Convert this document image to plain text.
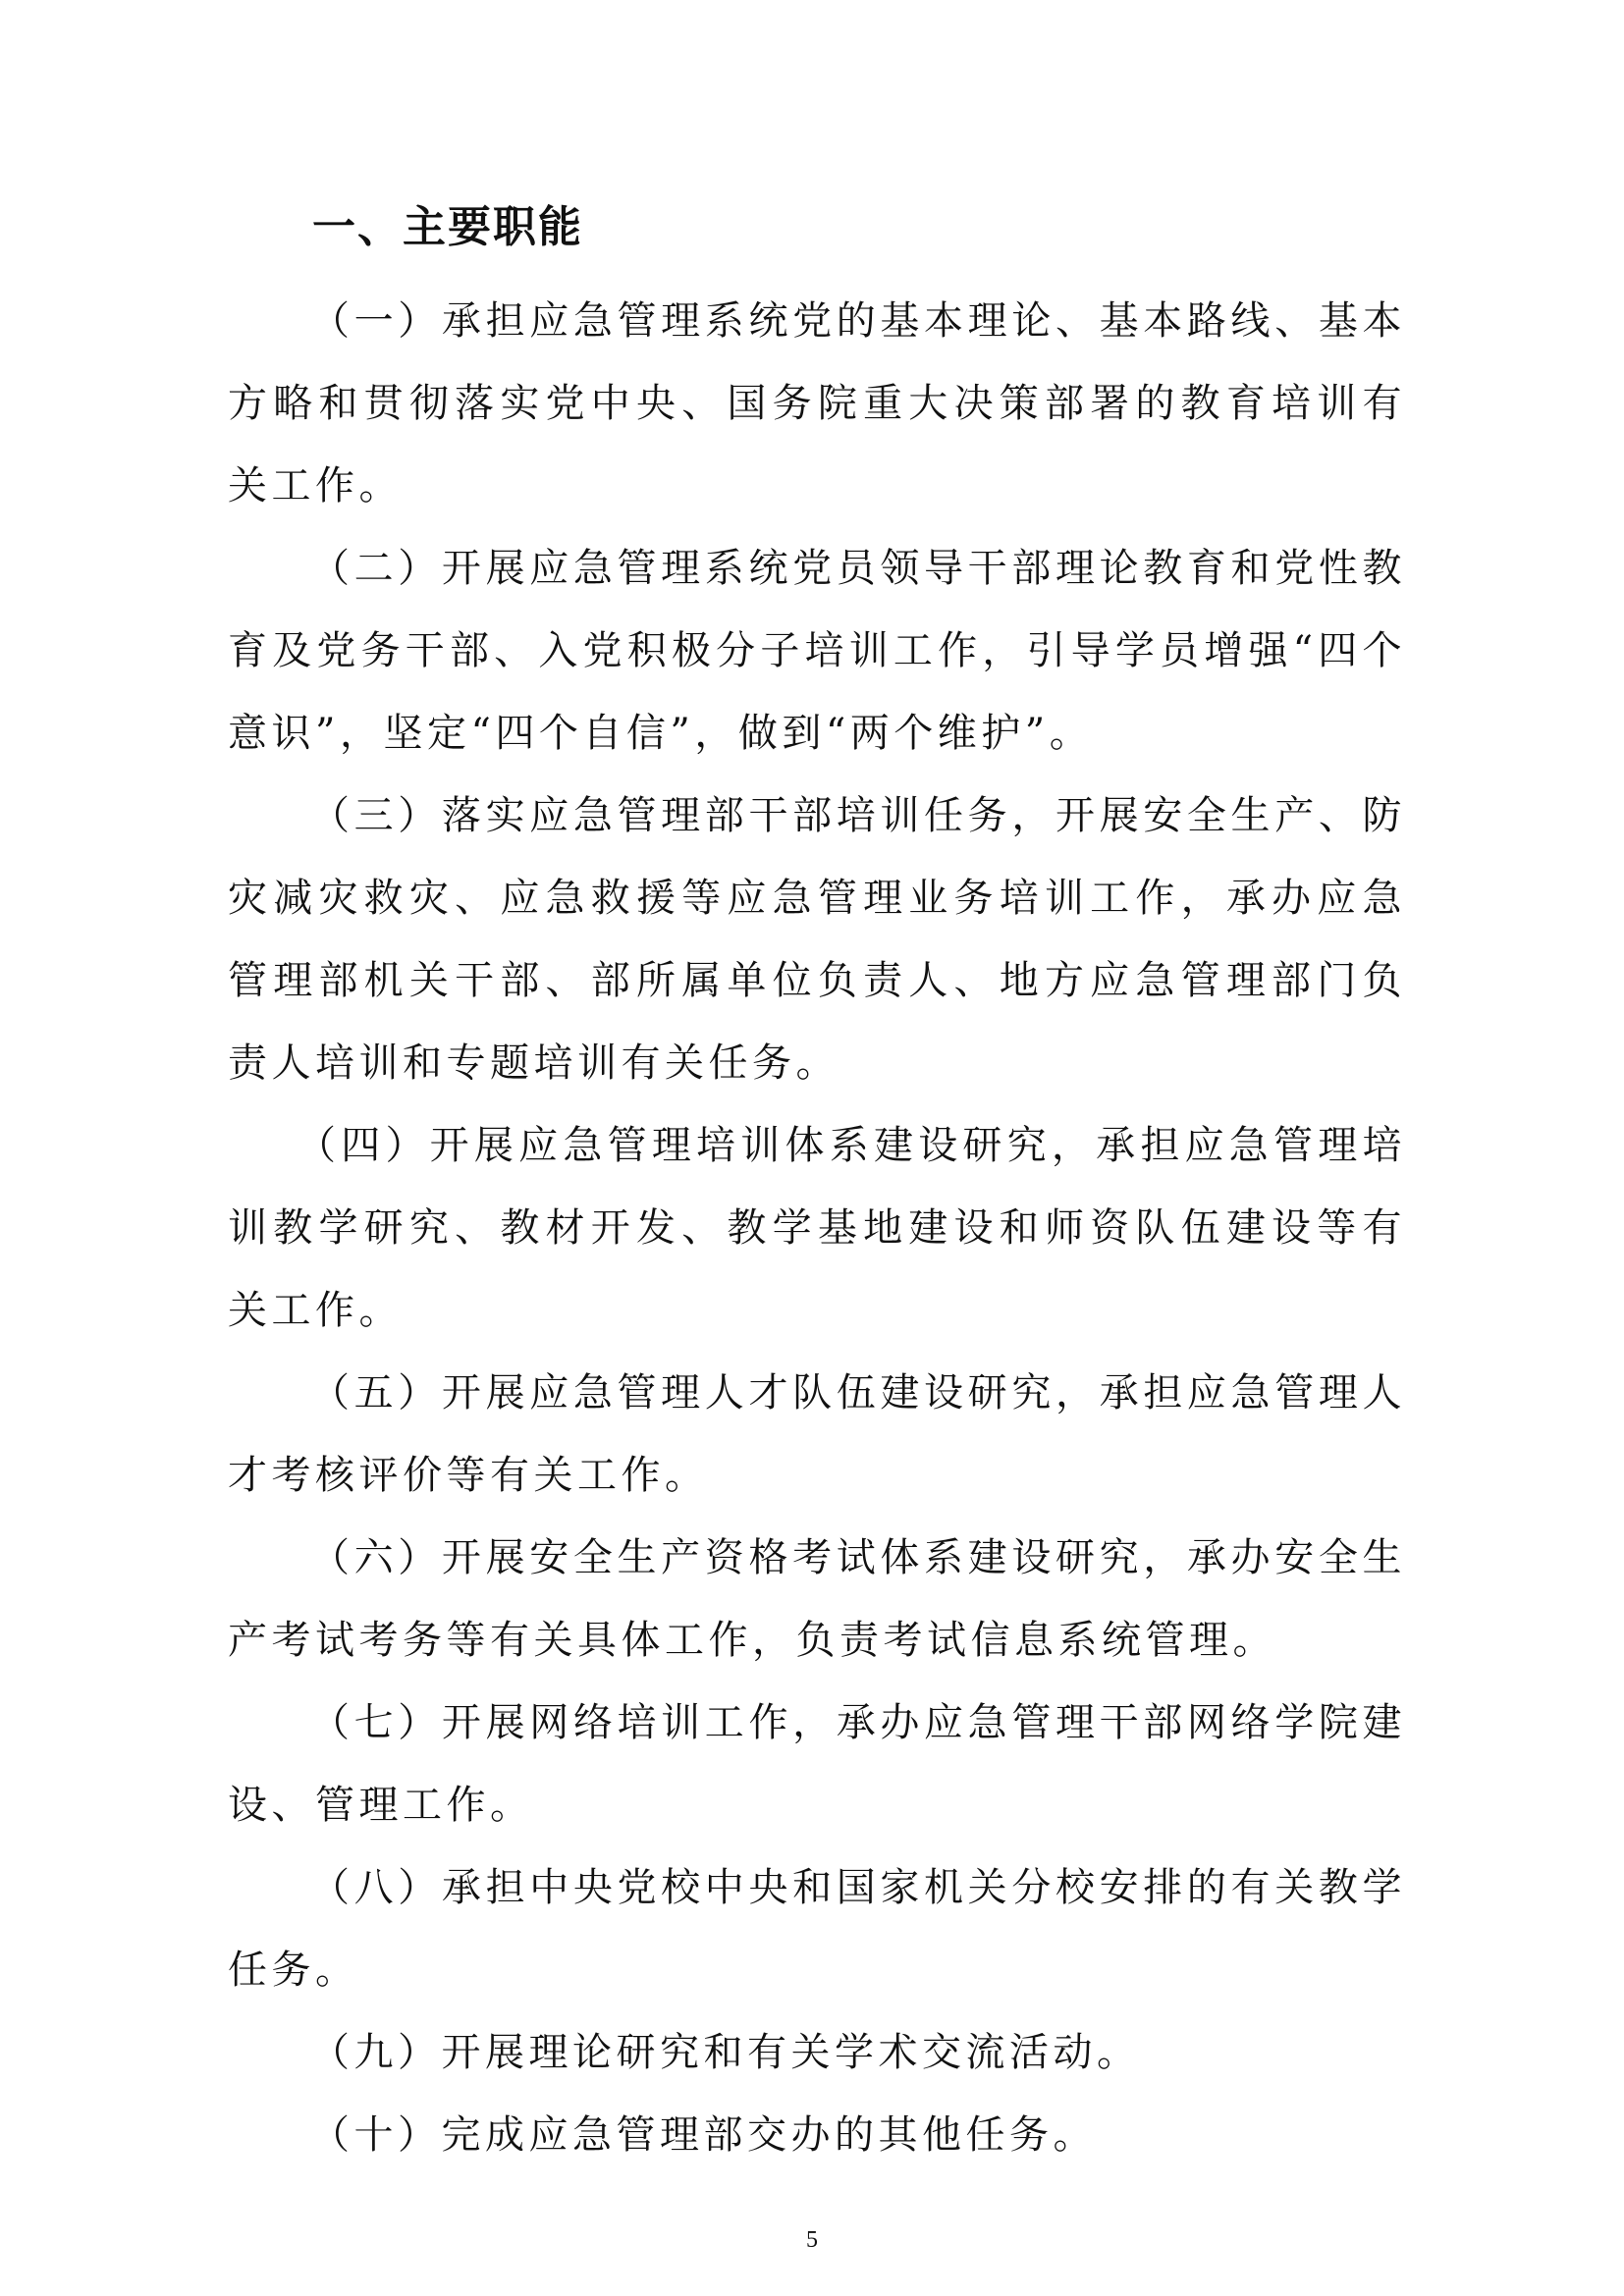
一、主要职能

（一）承担应急管理系统党的基本理论、基本路线、基本方略和贯彻落实党中央、国务院重大决策部署的教育培训有关工作。

（二）开展应急管理系统党员领导干部理论教育和党性教育及党务干部、入党积极分子培训工作，引导学员增强“四个意识”，坚定“四个自信”，做到“两个维护”。

（三）落实应急管理部干部培训任务，开展安全生产、防灾减灾救灾、应急救援等应急管理业务培训工作，承办应急管理部机关干部、部所属单位负责人、地方应急管理部门负责人培训和专题培训有关任务。

（四）开展应急管理培训体系建设研究，承担应急管理培训教学研究、教材开发、教学基地建设和师资队伍建设等有关工作。

（五）开展应急管理人才队伍建设研究，承担应急管理人才考核评价等有关工作。

（六）开展安全生产资格考试体系建设研究，承办安全生产考试考务等有关具体工作，负责考试信息系统管理。

（七）开展网络培训工作，承办应急管理干部网络学院建设、管理工作。

（八）承担中央党校中央和国家机关分校安排的有关教学任务。

（九）开展理论研究和有关学术交流活动。

（十）完成应急管理部交办的其他任务。

5
